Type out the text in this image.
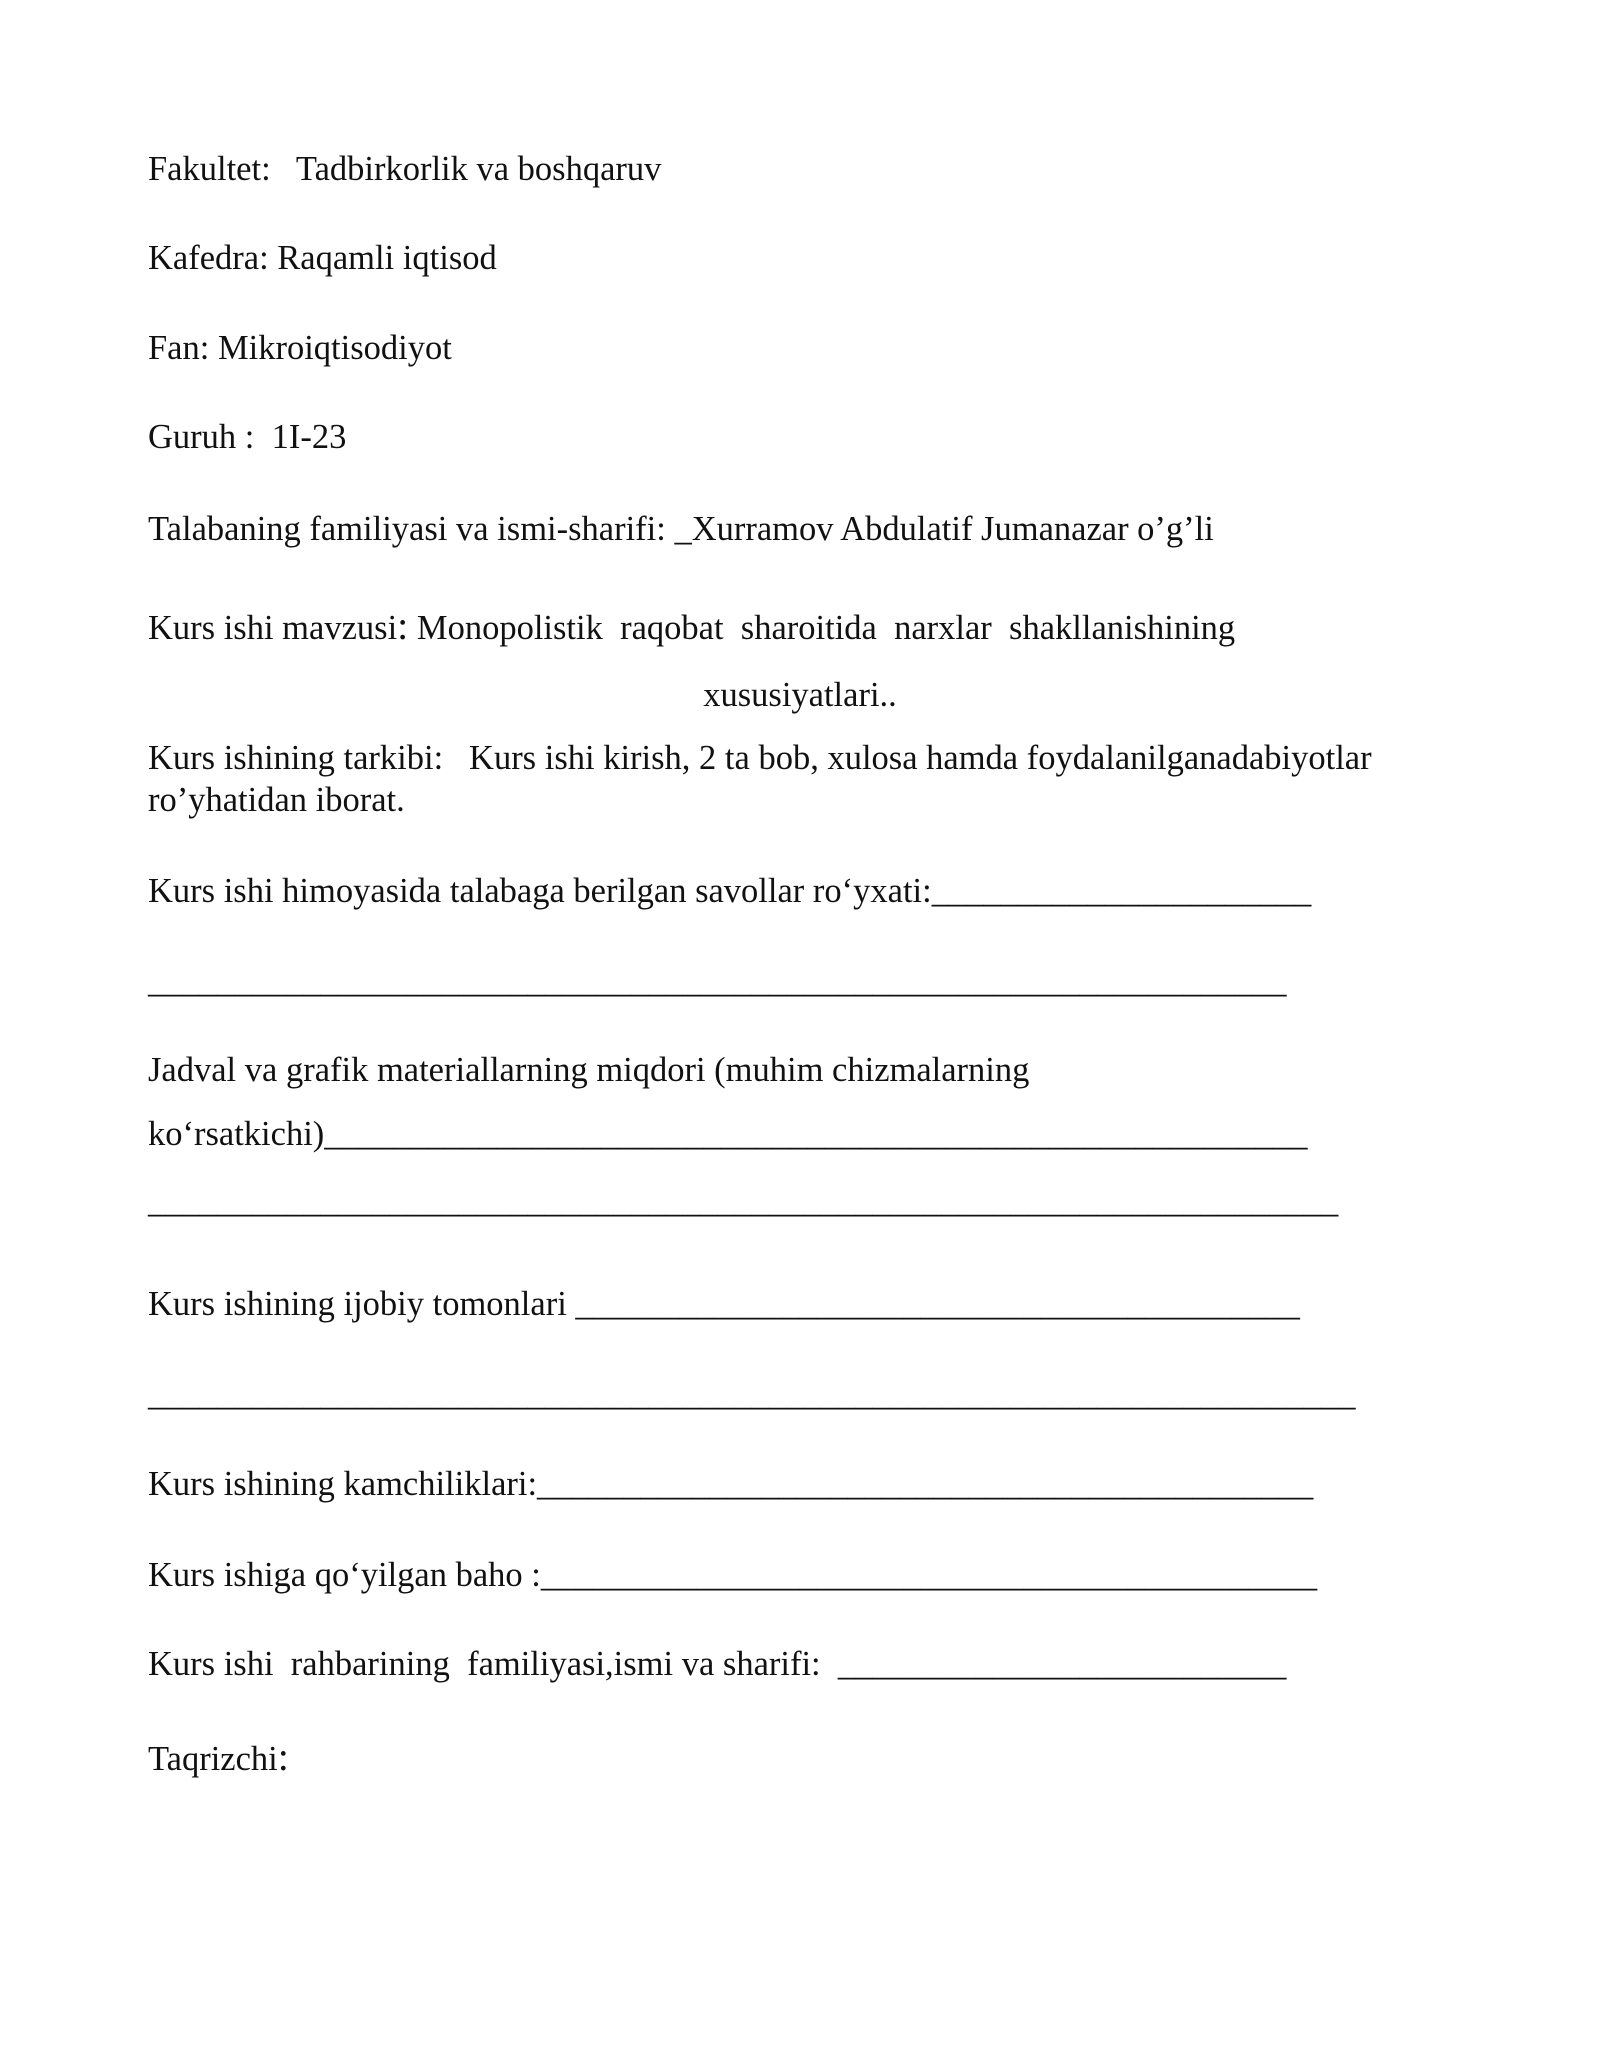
Fakultet:   Tadbirkorlik va boshqaruv

Kafedra: Raqamli iqtisod

Fan: Mikroiqtisodiyot

Guruh :  1I-23

Talabaning familiyasi va ismi-sharifi: _Xurramov Abdulatif Jumanazar o’g’li

Kurs ishi mavzusi: Monopolistik  raqobat  sharoitida  narxlar  shakllanishining

xususiyatlari..

Kurs ishining tarkibi:   Kurs ishi kirish, 2 ta bob, xulosa hamda foydalanilganadabiyotlar

ro’yhatidan iborat.

Kurs ishi himoyasida talabaga berilgan savollar ro‘yxati:______________________

__________________________________________________________________

Jadval va grafik materiallarning miqdori (muhim chizmalarning

ko‘rsatkichi)_________________________________________________________

_____________________________________________________________________

Kurs ishining ijobiy tomonlari __________________________________________

______________________________________________________________________

Kurs ishining kamchiliklari:_____________________________________________

Kurs ishiga qo‘yilgan baho :_____________________________________________

Kurs ishi  rahbarining  familiyasi,ismi va sharifi:  __________________________

Taqrizchi:
